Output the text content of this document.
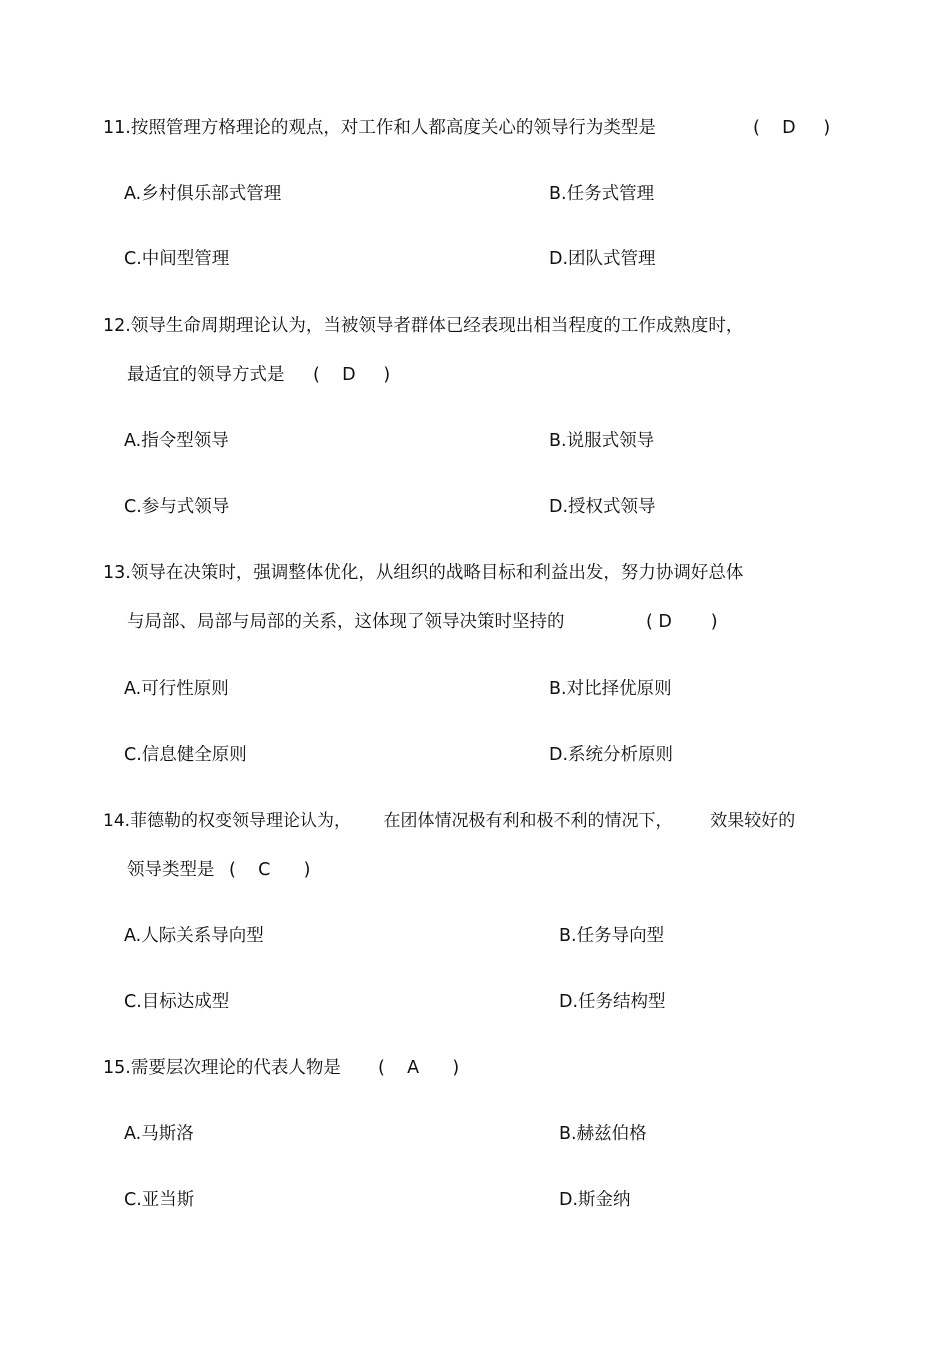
11.按照管理方格理论的观点，对工作和人都高度关心的领导行为类型是	(    D     )
A.乡村俱乐部式管理	B.任务式管理
C.中间型管理	D.团队式管理
12.领导生命周期理论认为，当被领导者群体已经表现出相当程度的工作成熟度时，
最适宜的领导方式是 (    D     )
A.指令型领导	B.说服式领导
C.参与式领导	D.授权式领导
13.领导在决策时，强调整体优化，从组织的战略目标和利益出发，努力协调好总体
与局部、局部与局部的关系，这体现了领导决策时坚持的	( D       )
A.可行性原则	B.对比择优原则
C.信息健全原则	D.系统分析原则
14.菲德勒的权变领导理论认为，      在团体情况极有利和极不利的情况下，       效果较好的
领导类型是 (    C      )
A.人际关系导向型	B.任务导向型
C.目标达成型	D.任务结构型
15.需要层次理论的代表人物是 (    A      )
A.马斯洛	B.赫兹伯格
C.亚当斯	D.斯金纳
